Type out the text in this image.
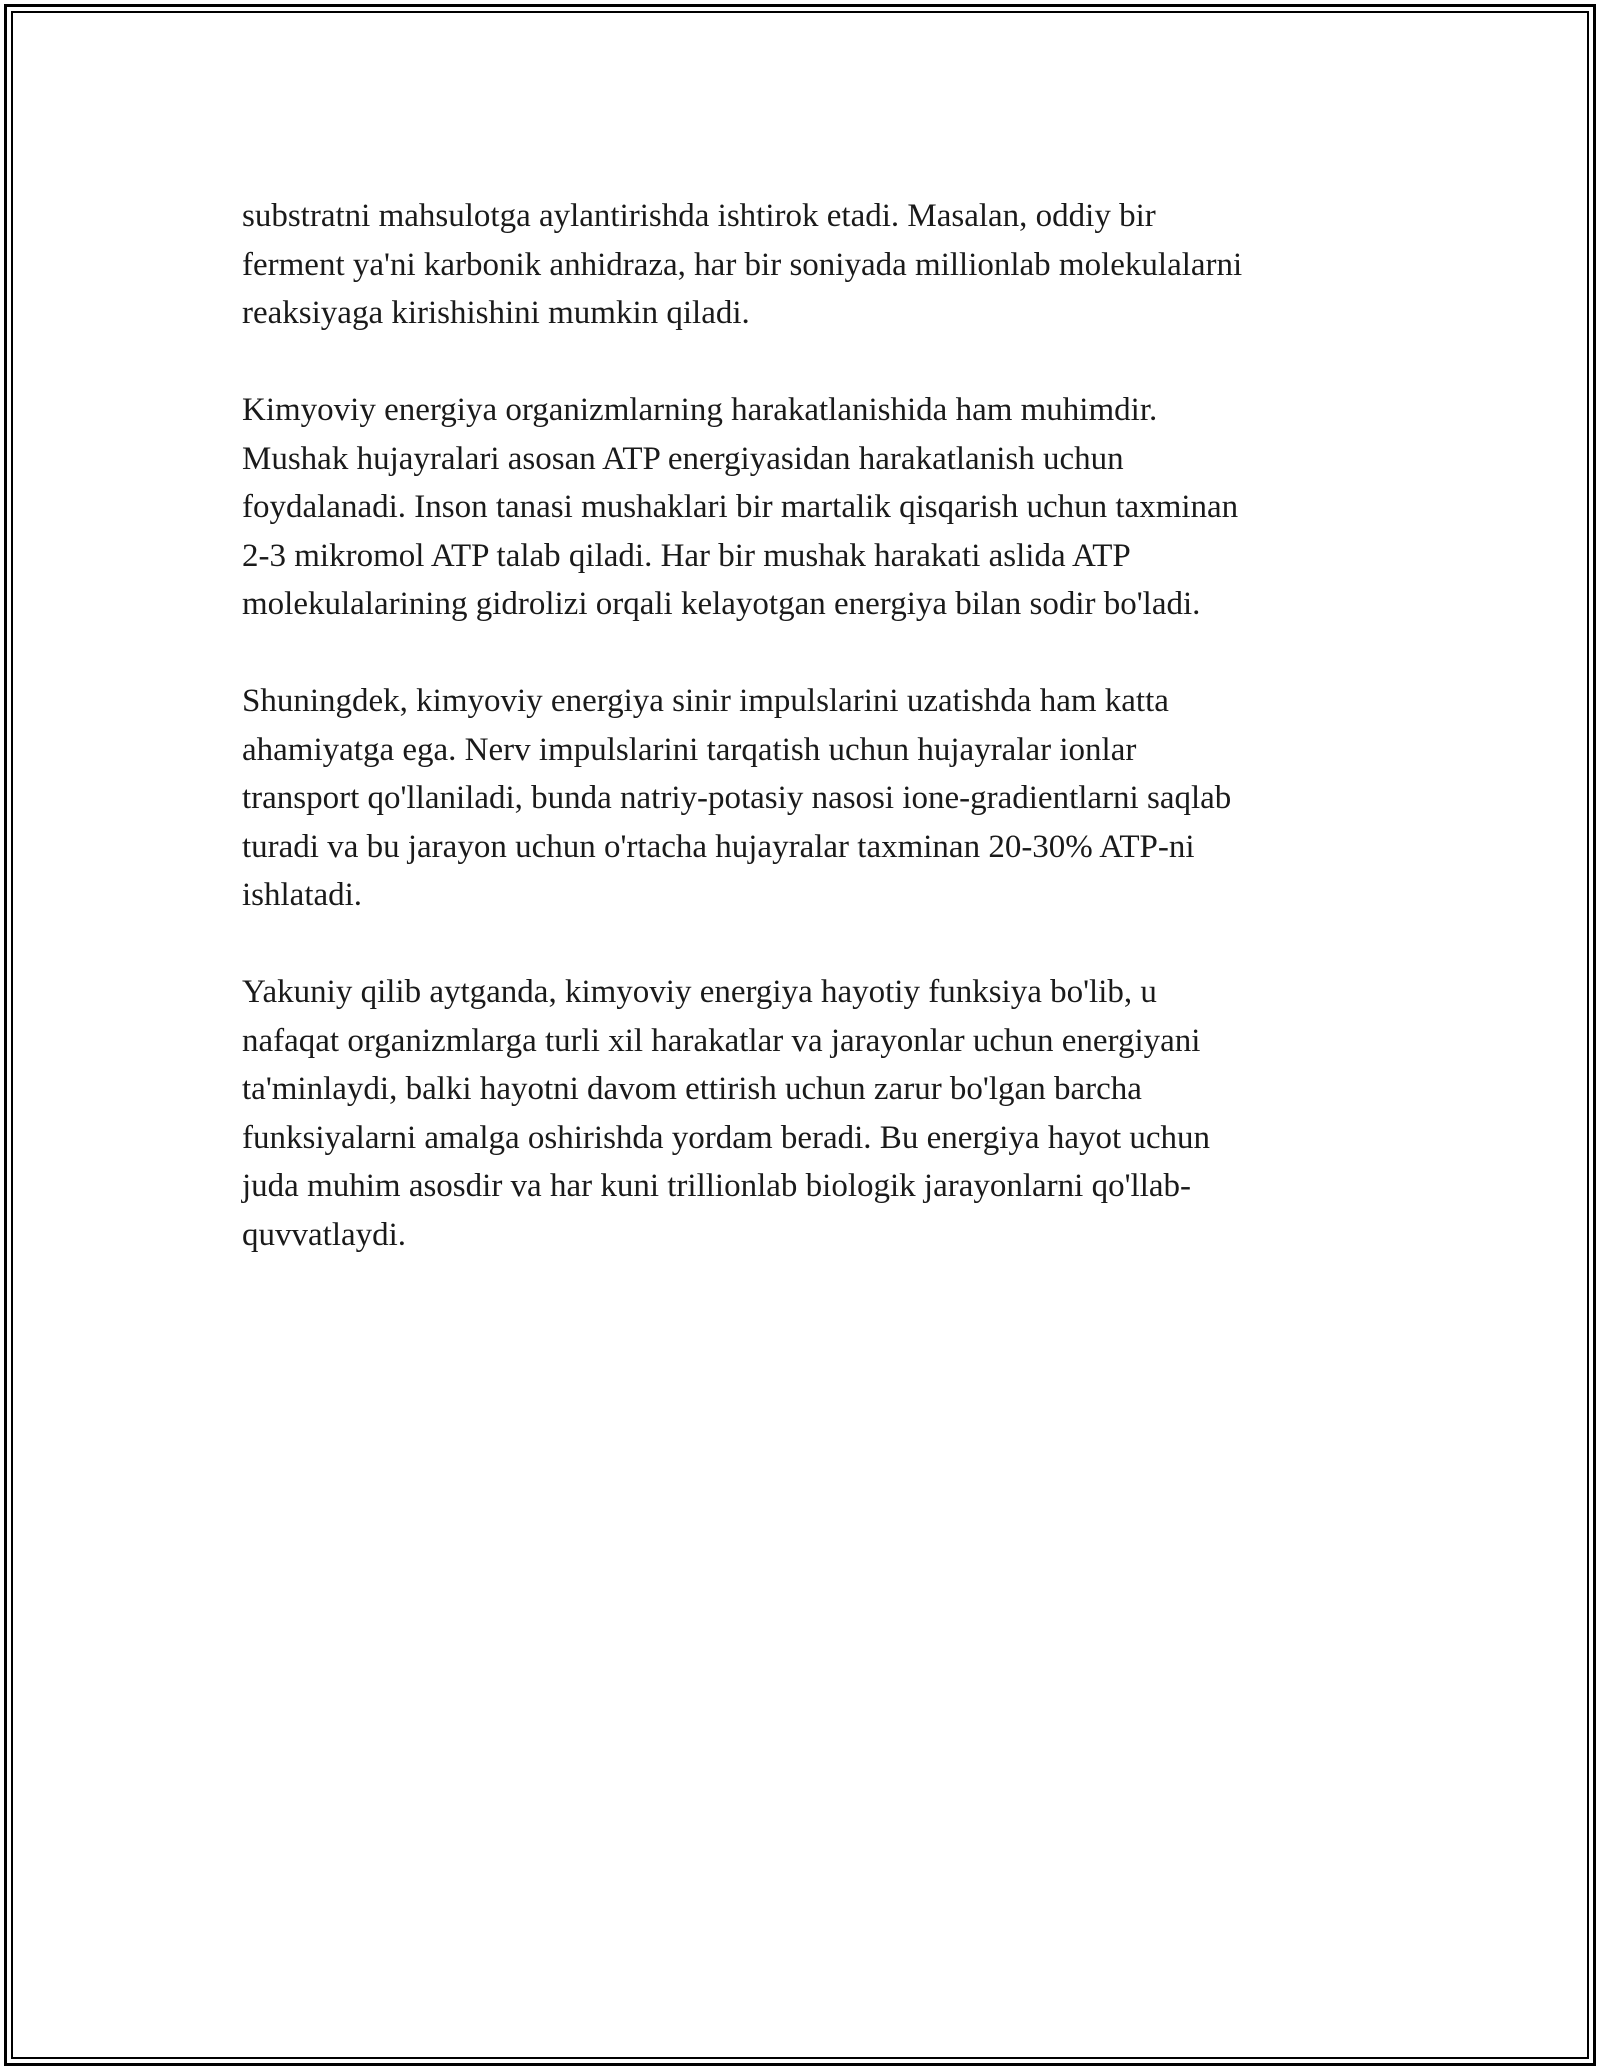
substratni mahsulotga aylantirishda ishtirok etadi. Masalan, oddiy bir
ferment ya'ni karbonik anhidraza, har bir soniyada millionlab molekulalarni
reaksiyaga kirishishini mumkin qiladi.

Kimyoviy energiya organizmlarning harakatlanishida ham muhimdir.
Mushak hujayralari asosan ATP energiyasidan harakatlanish uchun
foydalanadi. Inson tanasi mushaklari bir martalik qisqarish uchun taxminan
2-3 mikromol ATP talab qiladi. Har bir mushak harakati aslida ATP
molekulalarining gidrolizi orqali kelayotgan energiya bilan sodir bo'ladi.

Shuningdek, kimyoviy energiya sinir impulslarini uzatishda ham katta
ahamiyatga ega. Nerv impulslarini tarqatish uchun hujayralar ionlar
transport qo'llaniladi, bunda natriy-potasiy nasosi ione-gradientlarni saqlab
turadi va bu jarayon uchun o'rtacha hujayralar taxminan 20-30% ATP-ni
ishlatadi.

Yakuniy qilib aytganda, kimyoviy energiya hayotiy funksiya bo'lib, u
nafaqat organizmlarga turli xil harakatlar va jarayonlar uchun energiyani
ta'minlaydi, balki hayotni davom ettirish uchun zarur bo'lgan barcha
funksiyalarni amalga oshirishda yordam beradi. Bu energiya hayot uchun
juda muhim asosdir va har kuni trillionlab biologik jarayonlarni qo'llab-
quvvatlaydi.
